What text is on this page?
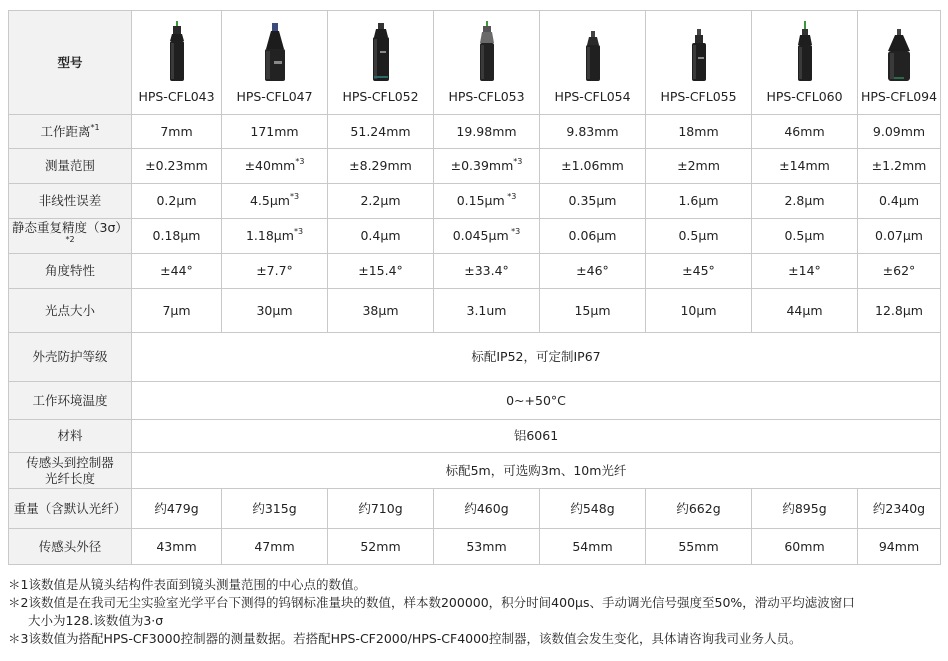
型号	HPS-CFL043	HPS-CFL047	HPS-CFL052	HPS-CFL053	HPS-CFL054	HPS-CFL055	HPS-CFL060	HPS-CFL094

工作距离$^{*1}$	7mm	171mm	51.24mm	19.98mm	9.83mm	18mm	46mm	9.09mm
测量范围	±0.23mm	$\pm 40mm^{*3}$	±8.29mm	$\pm 0.39mm^{*3}$	±1.06mm	±2mm	±14mm	±1.2mm
非线性误差	0.2μm	$4.5\mu m^{*3}$	2.2μm	0.15μm $^{*3}$	0.35μm	1.6μm	2.8μm	0.4μm
静态重复精度$(3\sigma)^{*2}$	0.18μm	$1.18\mu m^{*3}$	0.4μm	0.045μm $^{*3}$	0.06μm	0.5μm	0.5μm	0.07μm
角度特性	±44°	±7.7°	±15.4°	±33.4°	±46°	±45°	±14°	±62°
光点大小	7μm	30μm	38μm	3.1um	15μm	10μm	44μm	12.8μm
外壳防护等级	标配IP52，可定制IP67							
工作环境温度	0~+50°C							
材料	铝6061							
传感头到控制器
光纤长度	标配5m，可选购3m、10m光纤							
重量（含默认光纤）	约479g	约315g	约710g	约460g	约548g	约662g	约895g	约2340g
传感头外径	43mm	47mm	52mm	53mm	54mm	55mm	60mm	94mm
＊1该数值是从镜头结构件表面到镜头测量范围的中心点的数值。
＊2该数值是在我司无尘实验室光学平台下测得的钨钢标准量块的数值，样本数200000，积分时间400μs、手动调光信号强度至50%，滑动平均滤波窗口
大小为128.该数值为3·σ
＊3该数值为搭配HPS-CF3000控制器的测量数据。若搭配HPS-CF2000/HPS-CF4000控制器，该数值会发生变化，具体请咨询我司业务人员。
